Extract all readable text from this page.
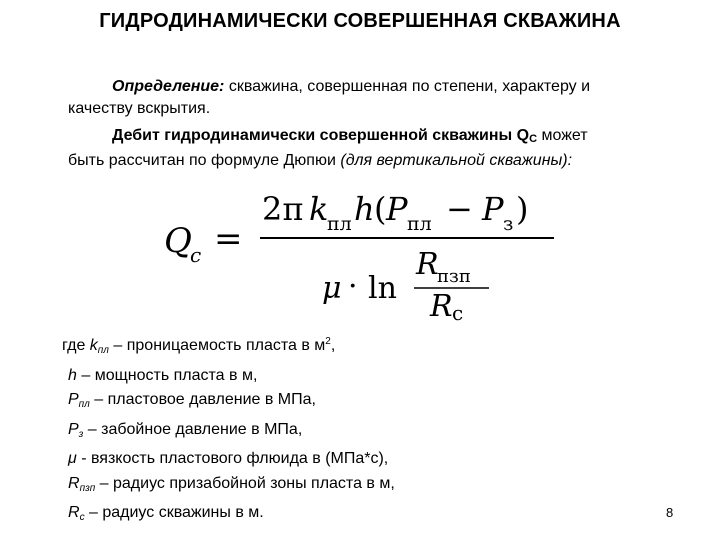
ГИДРОДИНАМИЧЕСКИ СОВЕРШЕННАЯ СКВАЖИНА
Определение: скважина, совершенная по степени, характеру и
качеству вскрытия.
Дебит гидродинамически совершенной скважины QC может
быть рассчитан по формуле Дюпюи (для вертикальной скважины):
Q
c =
2π k
пл h ( P пл − P з )
μ · ln
R
пзп
R c
где $k_{пл}$ – проницаемость пласта в $м^2$,
h – мощность пласта в м,
$P_{пл}$ – пластовое давление в МПа,
$P_з$ – забойное давление в МПа,
μ - вязкость пластового флюида в (МПа*с),
$R_{пзп}$ – радиус призабойной зоны пласта в м,
$R_с$ – радиус скважины в м.	8
